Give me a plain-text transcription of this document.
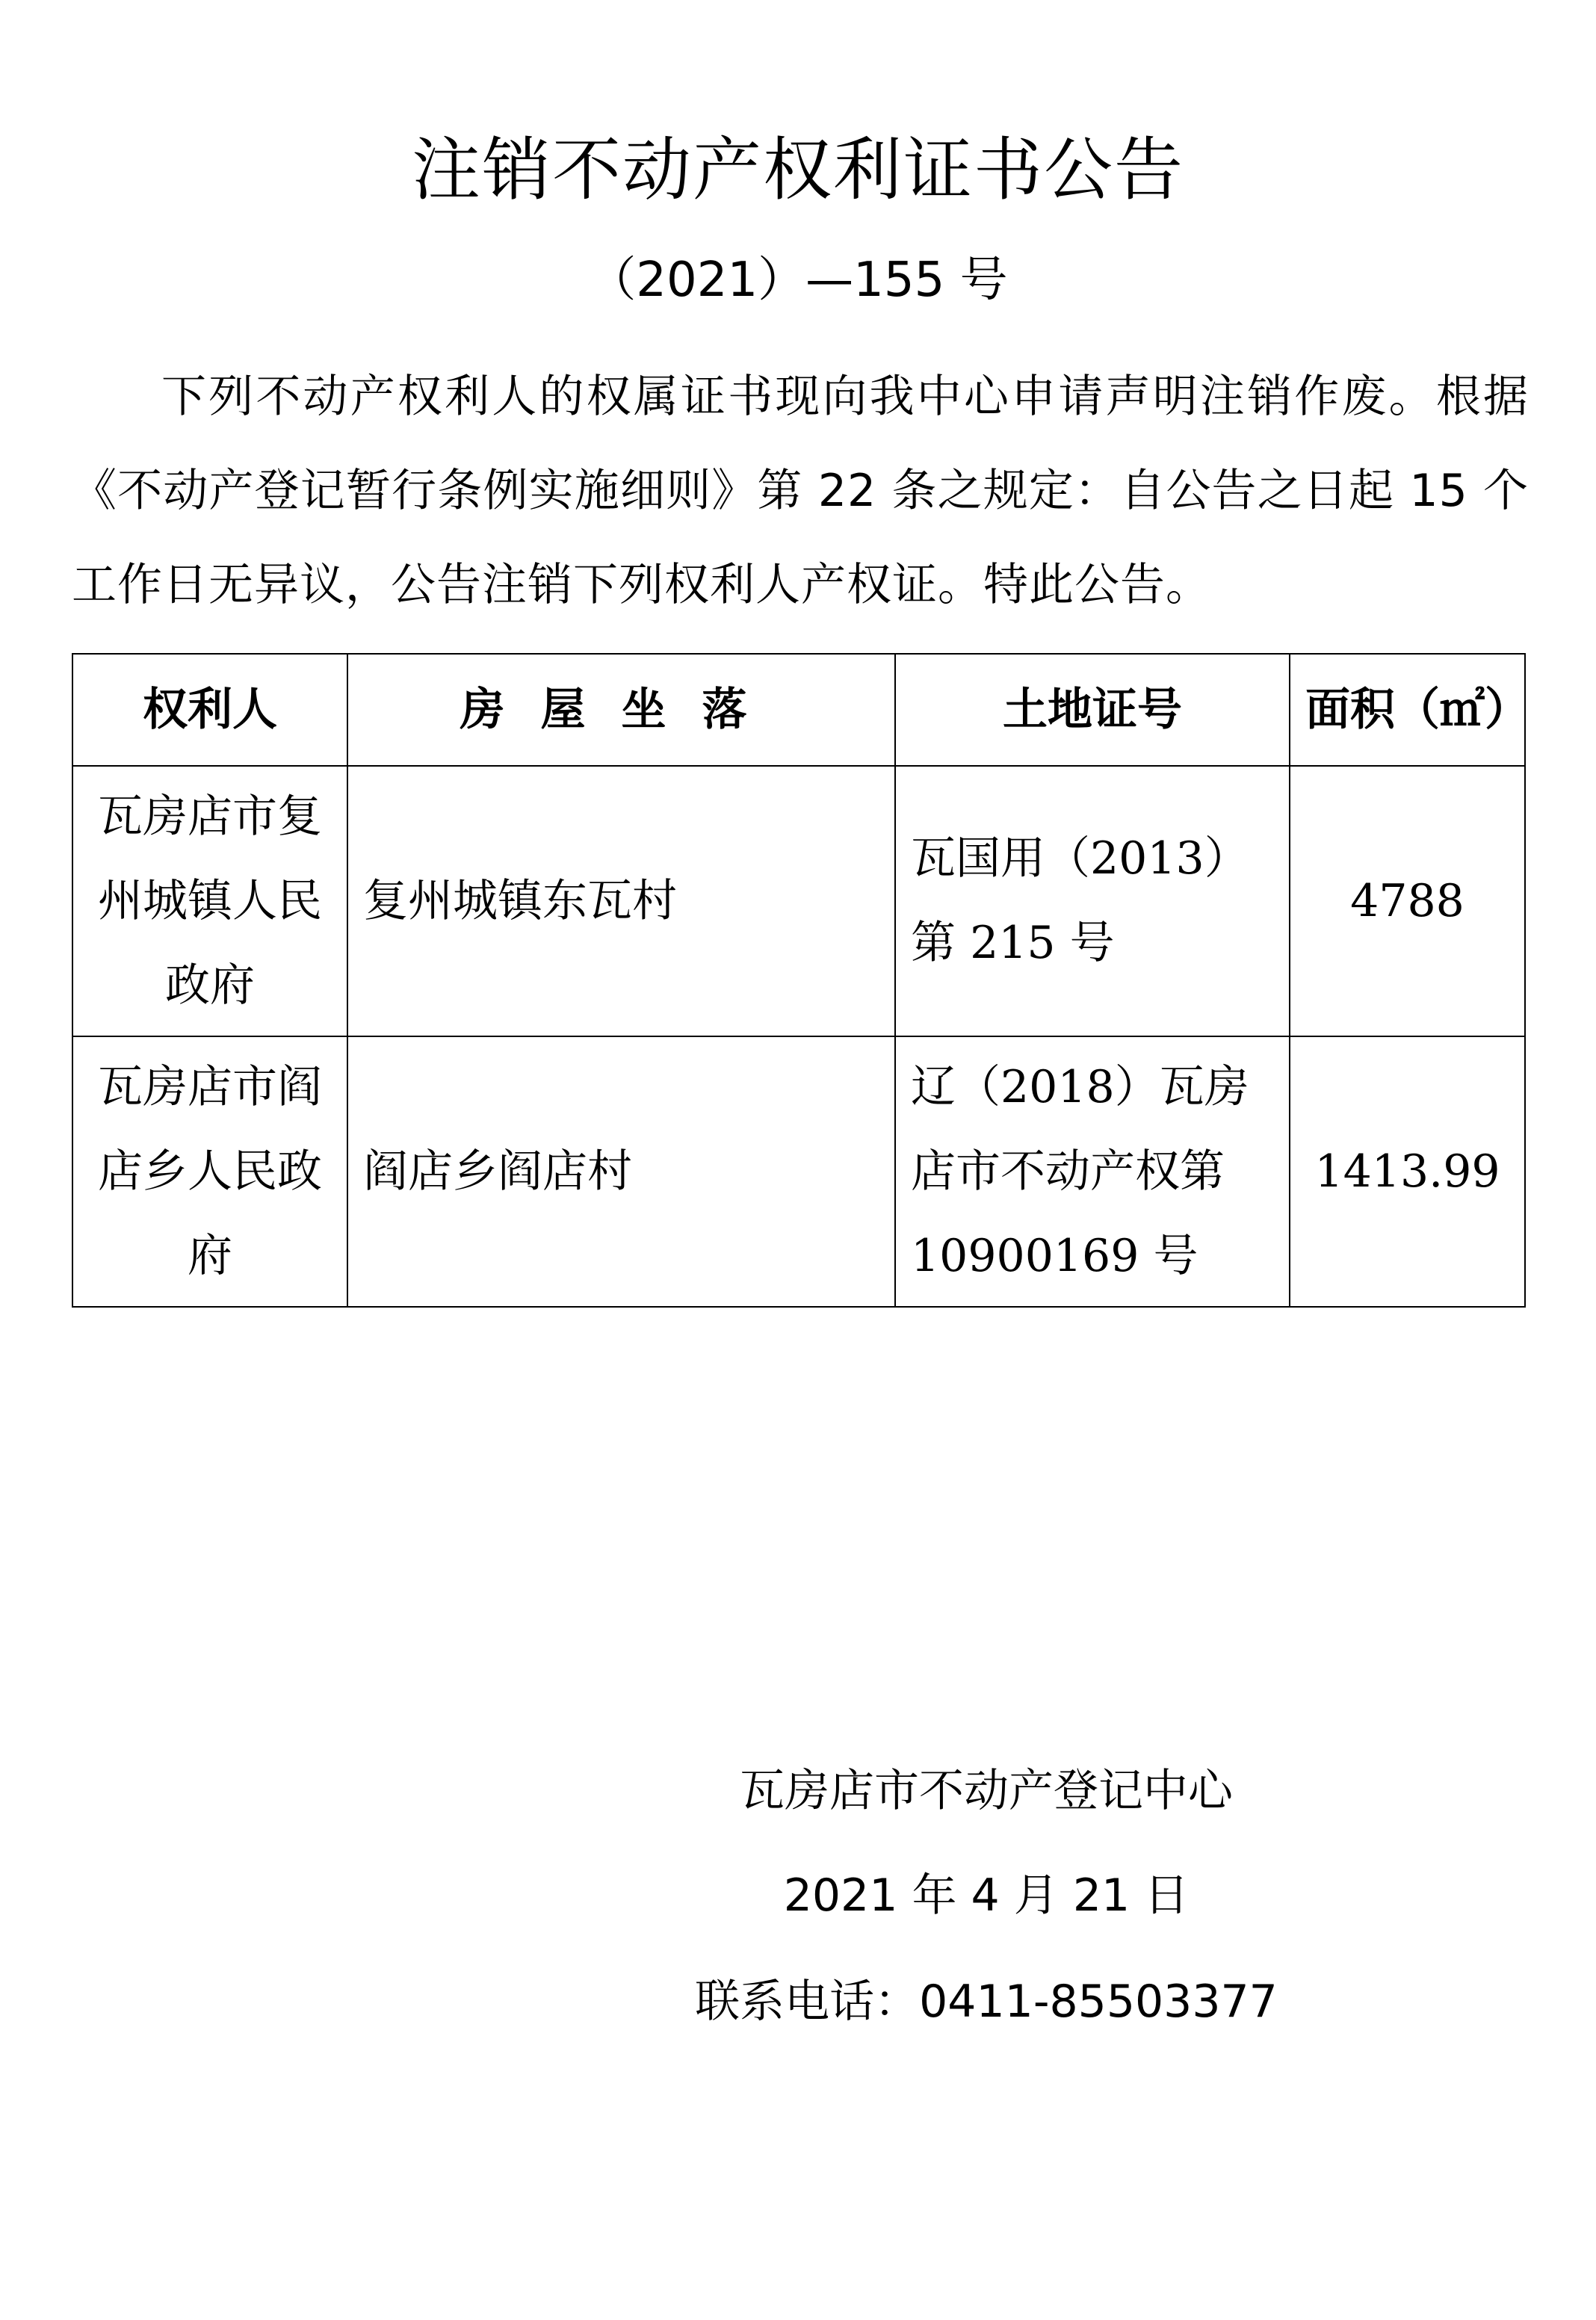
注销不动产权利证书公告
（2021）—155 号
下列不动产权利人的权属证书现向我中心申请声明注销作废。根据《不动产登记暂行条例实施细则》第 22 条之规定：自公告之日起 15 个工作日无异议，公告注销下列权利人产权证。特此公告。
权利人	房屋坐落	土地证号	面积（㎡）
瓦房店市复州城镇人民政府	复州城镇东瓦村	瓦国用（2013）第 215 号	4788
瓦房店市阎店乡人民政府	阎店乡阎店村	辽（2018）瓦房店市不动产权第10900169 号	1413.99
瓦房店市不动产登记中心
2021 年 4 月 21 日
联系电话：0411-85503377
